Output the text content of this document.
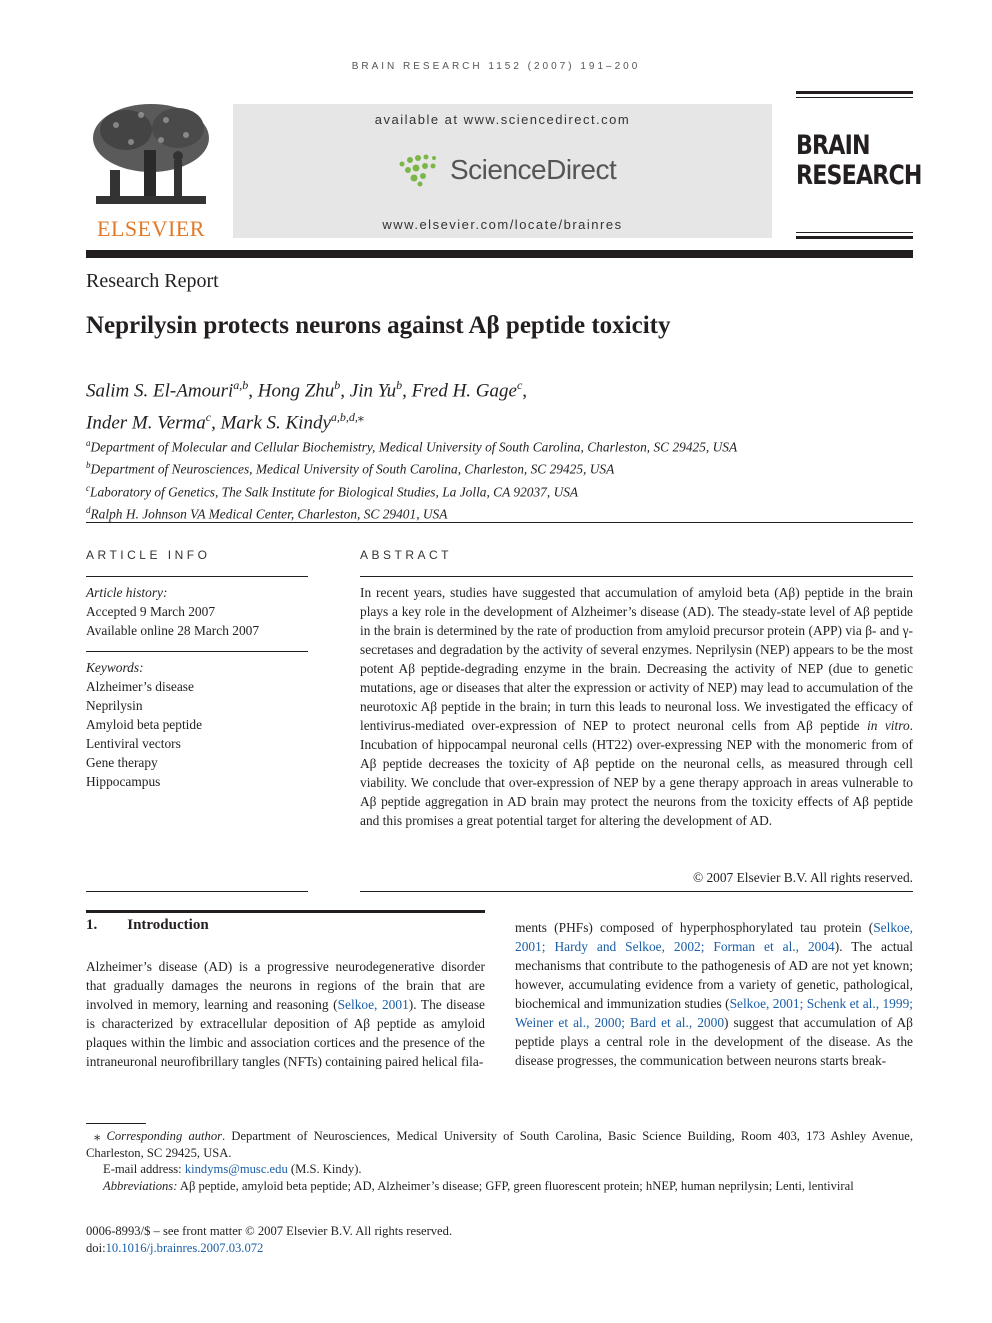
BRAIN RESEARCH 1152 (2007) 191–200
ELSEVIER
available at www.sciencedirect.com
ScienceDirect
www.elsevier.com/locate/brainres
BRAIN
RESEARCH
Research Report
Neprilysin protects neurons against Aβ peptide toxicity
Salim S. El-Amouri$^{a,b}$, Hong Zhu$^b$, Jin Yu$^b$, Fred H. Gage$^c$,
Inder M. Verma$^c$, Mark S. Kindy$^{a,b,d,⁎}$
$^a$Department of Molecular and Cellular Biochemistry, Medical University of South Carolina, Charleston, SC 29425, USA
$^b$Department of Neurosciences, Medical University of South Carolina, Charleston, SC 29425, USA
$^c$Laboratory of Genetics, The Salk Institute for Biological Studies, La Jolla, CA 92037, USA
$^d$Ralph H. Johnson VA Medical Center, Charleston, SC 29401, USA
ARTICLE INFO
Article history:
Accepted 9 March 2007
Available online 28 March 2007
Keywords:
Alzheimer’s disease
Neprilysin
Amyloid beta peptide
Lentiviral vectors
Gene therapy
Hippocampus
ABSTRACT
In recent years, studies have suggested that accumulation of amyloid beta (Aβ) peptide in the brain plays a key role in the development of Alzheimer’s disease (AD). The steady-state level of Aβ peptide in the brain is determined by the rate of production from amyloid precursor protein (APP) via β- and γ-secretases and degradation by the activity of several enzymes. Neprilysin (NEP) appears to be the most potent Aβ peptide-degrading enzyme in the brain. Decreasing the activity of NEP (due to genetic mutations, age or diseases that alter the expression or activity of NEP) may lead to accumulation of the neurotoxic Aβ peptide in the brain; in turn this leads to neuronal loss. We investigated the efficacy of lentivirus-mediated over-expression of NEP to protect neuronal cells from Aβ peptide in vitro. Incubation of hippocampal neuronal cells (HT22) over-expressing NEP with the monomeric from of Aβ peptide decreases the toxicity of Aβ peptide on the neuronal cells, as measured through cell viability. We conclude that over-expression of NEP by a gene therapy approach in areas vulnerable to Aβ peptide aggregation in AD brain may protect the neurons from the toxicity effects of Aβ peptide and this promises a great potential target for altering the development of AD.
© 2007 Elsevier B.V. All rights reserved.
1. Introduction
Alzheimer’s disease (AD) is a progressive neurodegenerative disorder that gradually damages the neurons in regions of the brain that are involved in memory, learning and reasoning (Selkoe, 2001). The disease is characterized by extracellular deposition of Aβ peptide as amyloid plaques within the limbic and association cortices and the presence of the intraneuronal neurofibrillary tangles (NFTs) containing paired helical fila-
ments (PHFs) composed of hyperphosphorylated tau protein (Selkoe, 2001; Hardy and Selkoe, 2002; Forman et al., 2004). The actual mechanisms that contribute to the pathogenesis of AD are not yet known; however, accumulating evidence from a variety of genetic, pathological, biochemical and immunization studies (Selkoe, 2001; Schenk et al., 1999; Weiner et al., 2000; Bard et al., 2000) suggest that accumulation of Aβ peptide plays a central role in the development of the disease. As the disease progresses, the communication between neurons starts break-
⁎ Corresponding author. Department of Neurosciences, Medical University of South Carolina, Basic Science Building, Room 403, 173 Ashley Avenue, Charleston, SC 29425, USA.
E-mail address: kindyms@musc.edu (M.S. Kindy).
Abbreviations: Aβ peptide, amyloid beta peptide; AD, Alzheimer’s disease; GFP, green fluorescent protein; hNEP, human neprilysin; Lenti, lentiviral
0006-8993/$ – see front matter © 2007 Elsevier B.V. All rights reserved.
doi:10.1016/j.brainres.2007.03.072
